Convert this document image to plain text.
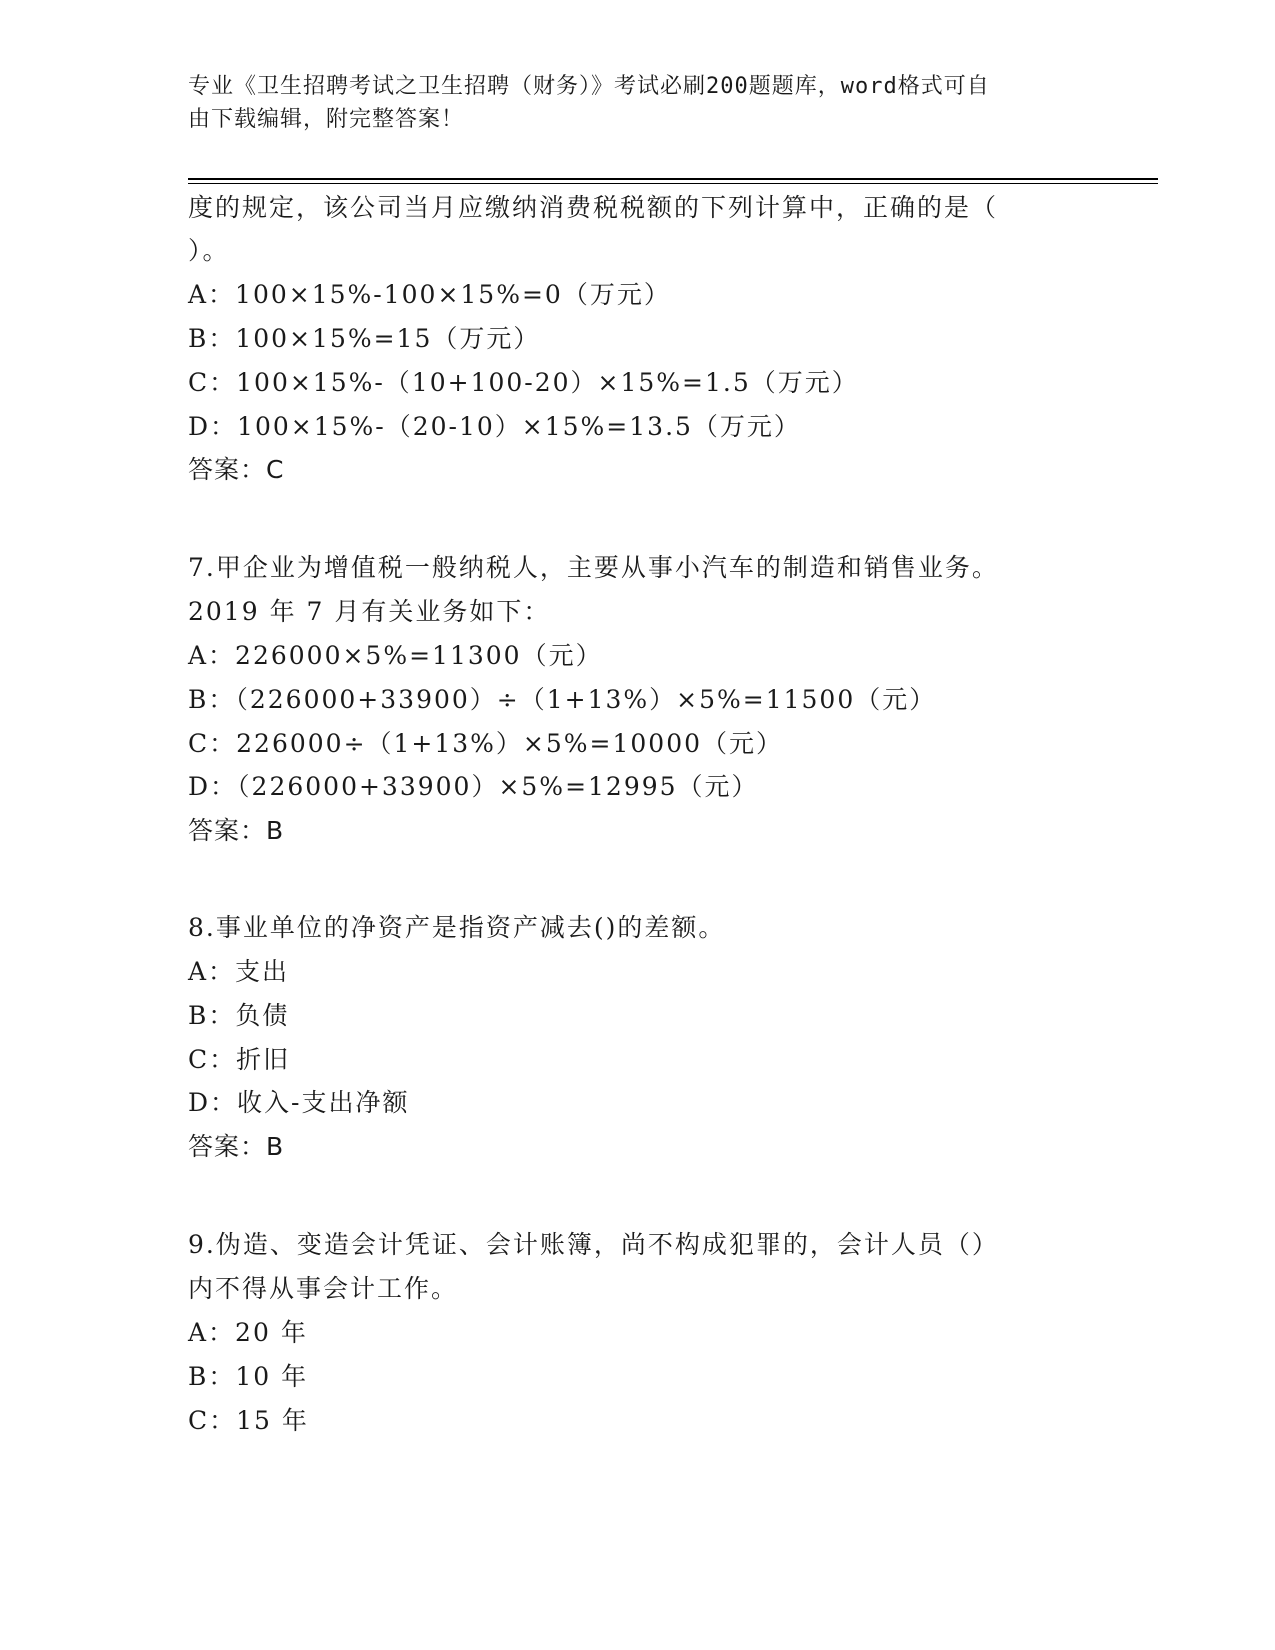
专业《卫生招聘考试之卫生招聘（财务）》考试必刷200题题库，word格式可自
由下载编辑，附完整答案！
度的规定，该公司当月应缴纳消费税税额的下列计算中，正确的是（
）。
A：100×15%-100×15%=0（万元）
B：100×15%=15（万元）
C：100×15%-（10+100-20）×15%=1.5（万元）
D：100×15%-（20-10）×15%=13.5（万元）
答案：C
7.甲企业为增值税一般纳税人，主要从事小汽车的制造和销售业务。
2019 年 7 月有关业务如下：
A：226000×5%=11300（元）
B：（226000+33900）÷（1+13%）×5%=11500（元）
C：226000÷（1+13%）×5%=10000（元）
D：（226000+33900）×5%=12995（元）
答案：B
8.事业单位的净资产是指资产减去()的差额。
A：支出
B：负债
C：折旧
D：收入-支出净额
答案：B
9.伪造、变造会计凭证、会计账簿，尚不构成犯罪的，会计人员（）
内不得从事会计工作。
A：20 年
B：10 年
C：15 年
